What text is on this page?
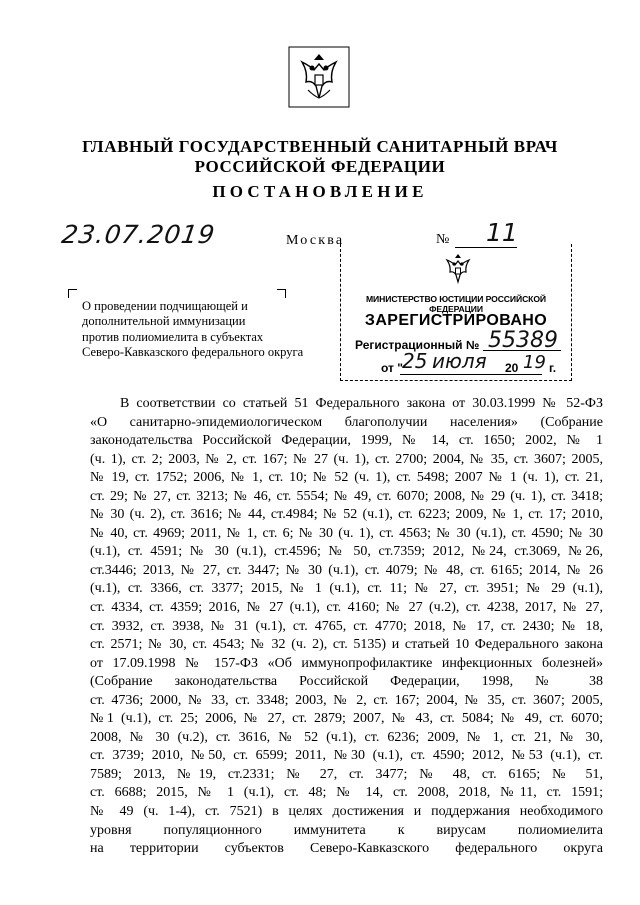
ГЛАВНЫЙ ГОСУДАРСТВЕННЫЙ САНИТАРНЫЙ ВРАЧ
РОССИЙСКОЙ ФЕДЕРАЦИИ
ПОСТАНОВЛЕНИЕ
23.07.2019	Москва	№ 11
О проведении подчищающей и
дополнительной иммунизации
против полиомиелита в субъектах
Северо-Кавказского федерального округа
МИНИСТЕРСТВО ЮСТИЦИИ РОССИЙСКОЙ ФЕДЕРАЦИИ
ЗАРЕГИСТРИРОВАНО
Регистрационный № 55389
от " 25 июля 20 19 г.
В соответствии со статьей 51 Федерального закона от 30.03.1999 № 52-ФЗ
«О санитарно-эпидемиологическом благополучии населения» (Собрание
законодательства Российской Федерации, 1999, № 14, ст. 1650; 2002, № 1
(ч. 1), ст. 2; 2003, № 2, ст. 167; № 27 (ч. 1), ст. 2700; 2004, № 35, ст. 3607; 2005,
№ 19, ст. 1752; 2006, № 1, ст. 10; № 52 (ч. 1), ст. 5498; 2007 № 1 (ч. 1), ст. 21,
ст. 29; № 27, ст. 3213; № 46, ст. 5554; № 49, ст. 6070; 2008, № 29 (ч. 1), ст. 3418;
№ 30 (ч. 2), ст. 3616; № 44, ст.4984; № 52 (ч.1), ст. 6223; 2009, № 1, ст. 17; 2010,
№ 40, ст. 4969; 2011, № 1, ст. 6; № 30 (ч. 1), ст. 4563; № 30 (ч.1), ст. 4590; № 30
(ч.1), ст. 4591; № 30 (ч.1), ст.4596; № 50, ст.7359; 2012, №24, ст.3069, №26,
ст.3446; 2013, № 27, ст. 3447; № 30 (ч.1), ст. 4079; № 48, ст. 6165; 2014, № 26
(ч.1), ст. 3366, ст. 3377; 2015, № 1 (ч.1), ст. 11; № 27, ст. 3951; № 29 (ч.1),
ст. 4334, ст. 4359; 2016, № 27 (ч.1), ст. 4160; № 27 (ч.2), ст. 4238, 2017, № 27,
ст. 3932, ст. 3938, № 31 (ч.1), ст. 4765, ст. 4770; 2018, № 17, ст. 2430; № 18,
ст. 2571; № 30, ст. 4543; № 32 (ч. 2), ст. 5135) и статьей 10 Федерального закона
от 17.09.1998 № 157-ФЗ «Об иммунопрофилактике инфекционных болезней»
(Собрание законодательства Российской Федерации, 1998, № 38
ст. 4736; 2000, № 33, ст. 3348; 2003, № 2, ст. 167; 2004, № 35, ст. 3607; 2005,
№1 (ч.1), ст. 25; 2006, № 27, ст. 2879; 2007, № 43, ст. 5084; № 49, ст. 6070;
2008, № 30 (ч.2), ст. 3616, № 52 (ч.1), ст. 6236; 2009, № 1, ст. 21, № 30,
ст. 3739; 2010, №50, ст. 6599; 2011, №30 (ч.1), ст. 4590; 2012, №53 (ч.1), ст.
7589; 2013, №19, ст.2331; № 27, ст. 3477; № 48, ст. 6165; № 51,
ст. 6688; 2015, № 1 (ч.1), ст. 48; № 14, ст. 2008, 2018, №11, ст. 1591;
№ 49 (ч. 1-4), ст. 7521) в целях достижения и поддержания необходимого
уровня популяционного иммунитета к вирусам полиомиелита
на территории субъектов Северо-Кавказского федерального округа
